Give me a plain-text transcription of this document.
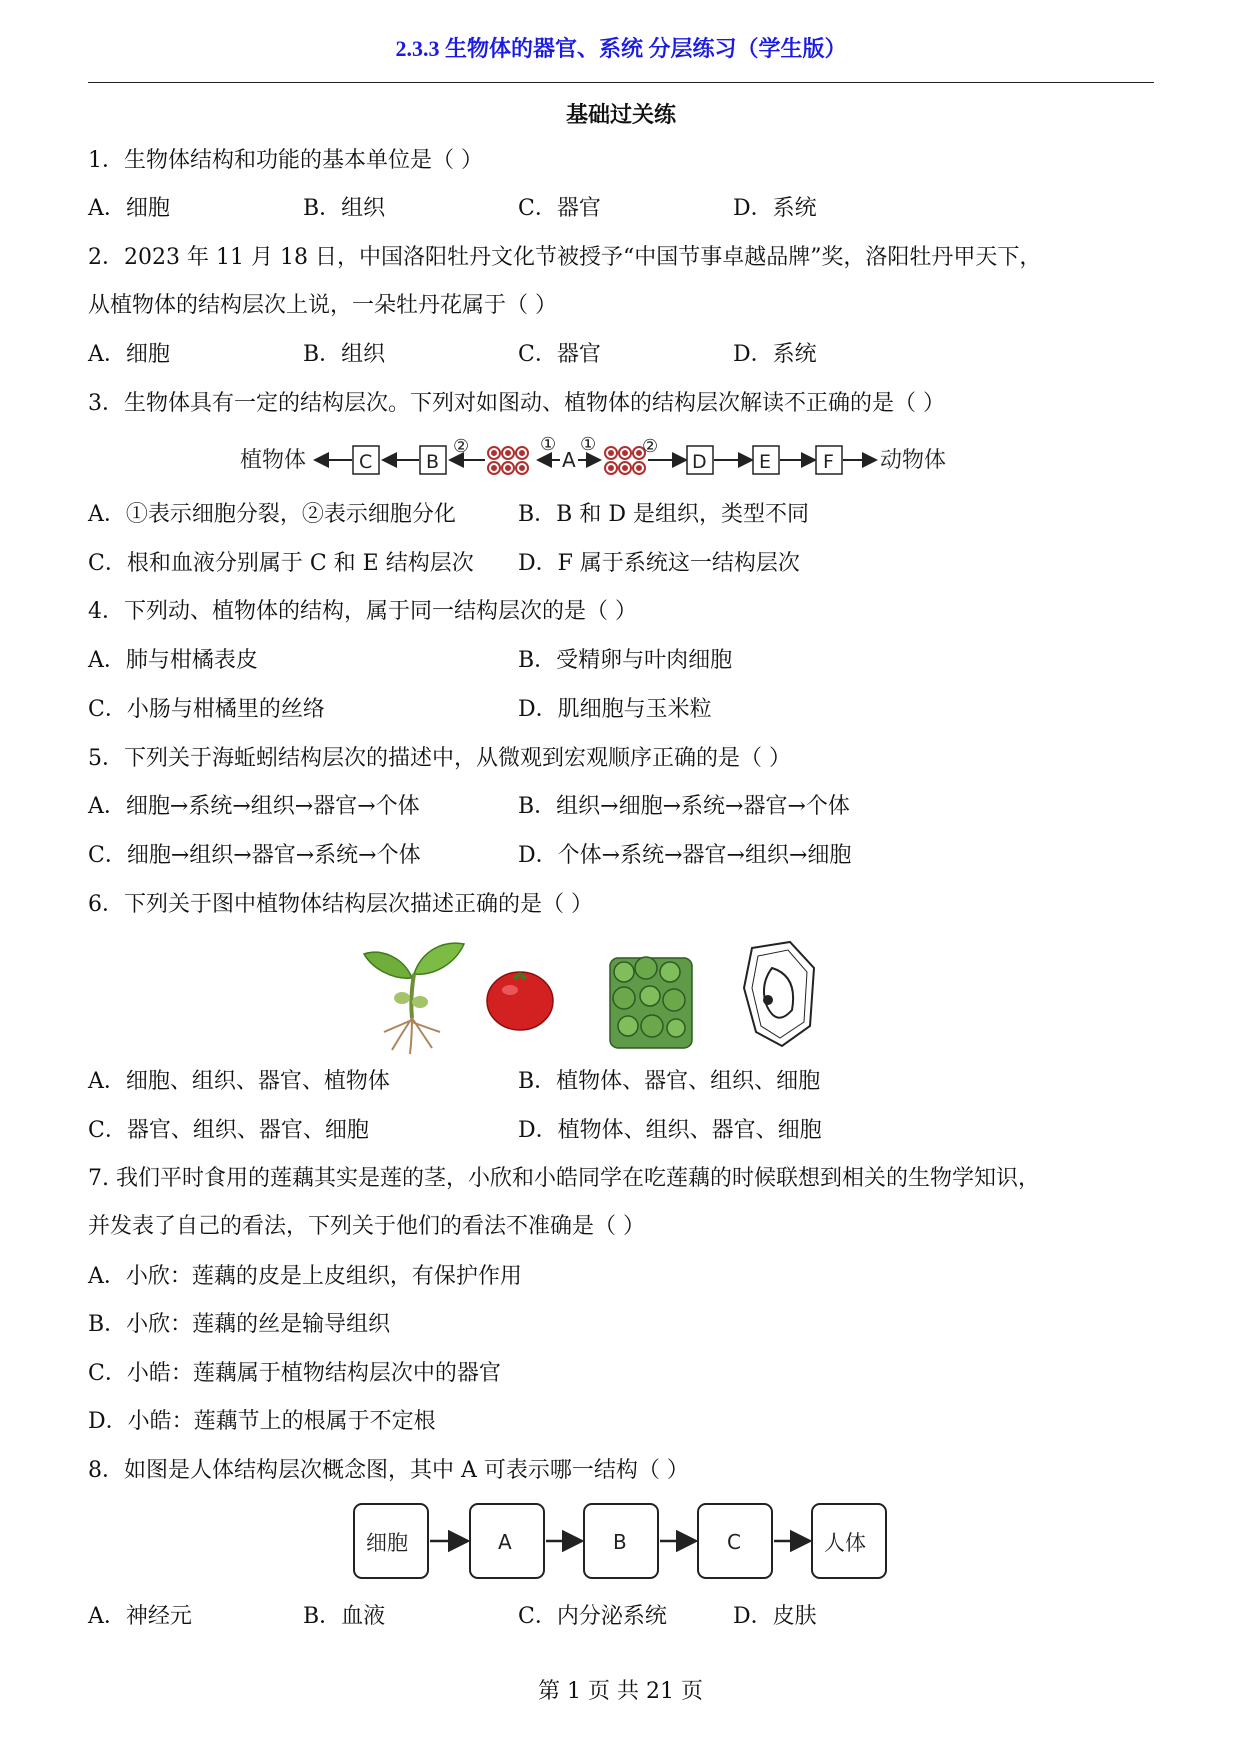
2.3.3 生物体的器官、系统 分层练习（学生版）
基础过关练
1．生物体结构和功能的基本单位是（ ）
A．细胞	B．组织	C．器官	D．系统
2．2023 年 11 月 18 日，中国洛阳牡丹文化节被授予“中国节事卓越品牌”奖，洛阳牡丹甲天下，
从植物体的结构层次上说，一朵牡丹花属于（ ）
A．细胞	B．组织	C．器官	D．系统
3．生物体具有一定的结构层次。下列对如图动、植物体的结构层次解读不正确的是（ ）
植物体	C	B
②	①
A
①	②
D	E	F 动物体
A．①表示细胞分裂，②表示细胞分化	B．B 和 D 是组织，类型不同
C．根和血液分别属于 C 和 E 结构层次 D．F 属于系统这一结构层次
4．下列动、植物体的结构，属于同一结构层次的是（ ）
A．肺与柑橘表皮	B．受精卵与叶肉细胞
C．小肠与柑橘里的丝络	D．肌细胞与玉米粒
5．下列关于海蚯蚓结构层次的描述中，从微观到宏观顺序正确的是（ ）
A．细胞→系统→组织→器官→个体	B．组织→细胞→系统→器官→个体
C．细胞→组织→器官→系统→个体	D．个体→系统→器官→组织→细胞
6．下列关于图中植物体结构层次描述正确的是（ ）
A．细胞、组织、器官、植物体	B．植物体、器官、组织、细胞
C．器官、组织、器官、细胞	D．植物体、组织、器官、细胞
7. 我们平时食用的莲藕其实是莲的茎，小欣和小皓同学在吃莲藕的时候联想到相关的生物学知识，
并发表了自己的看法，下列关于他们的看法不准确是（ ）
A．小欣：莲藕的皮是上皮组织，有保护作用
B．小欣：莲藕的丝是输导组织
C．小皓：莲藕属于植物结构层次中的器官
D．小皓：莲藕节上的根属于不定根
8．如图是人体结构层次概念图，其中 A 可表示哪一结构（ ）
细胞	A	B	C	人体
A．神经元	B．血液	C．内分泌系统	D．皮肤
第 1 页 共 21 页
